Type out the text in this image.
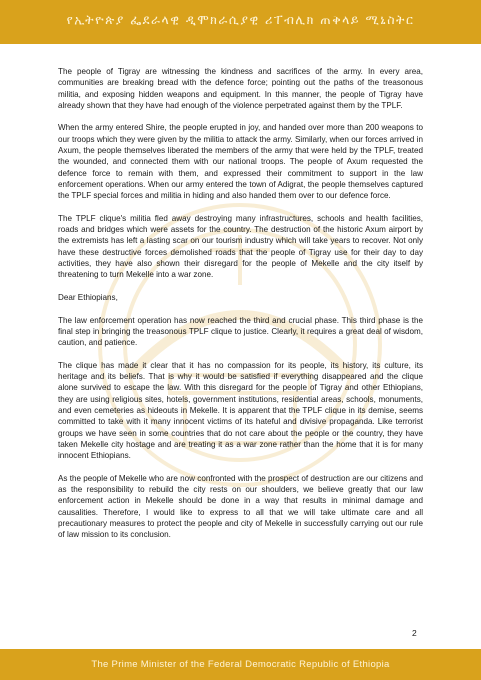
የኢትዮጵያ ፌደራላዊ ዲሞክራሲያዊ ሪፐብሊክ ጠቅላይ ሚኒስትር

The people of Tigray are witnessing the kindness and sacrifices of the army. In every area, communities are breaking bread with the defence force; pointing out the paths of the treasonous militia, and exposing hidden weapons and equipment. In this manner, the people of Tigray have already shown that they have had enough of the violence perpetrated against them by the TPLF.

When the army entered Shire, the people erupted in joy, and handed over more than 200 weapons to our troops which they were given by the militia to attack the army. Similarly, when our forces arrived in Axum, the people themselves liberated the members of the army that were held by the TPLF, treated the wounded, and connected them with our national troops. The people of Axum requested the defence force to remain with them, and expressed their commitment to support in the law enforcement operations. When our army entered the town of Adigrat, the people themselves captured the TPLF special forces and militia in hiding and also handed them over to our defence force.

The TPLF clique's militia fled away destroying many infrastructures, schools and health facilities, roads and bridges which were assets for the country. The destruction of the historic Axum airport by the extremists has left a lasting scar on our tourism industry which will take years to recover. Not only have these destructive forces demolished roads that the people of Tigray use for their day to day activities, they have also shown their disregard for the people of Mekelle and the city itself by threatening to turn Mekelle into a war zone.

Dear Ethiopians,

The law enforcement operation has now reached the third and crucial phase. This third phase is the final step in bringing the treasonous TPLF clique to justice. Clearly, it requires a great deal of wisdom, caution, and patience.

The clique has made it clear that it has no compassion for its people, its history, its culture, its heritage and its beliefs. That is why it would be satisfied if everything disappeared and the clique alone survived to escape the law. With this disregard for the people of Tigray and other Ethiopians, they are using religious sites, hotels, government institutions, residential areas, schools, monuments, and even cemeteries as hideouts in Mekelle. It is apparent that the TPLF clique in its demise, seems committed to take with it many innocent victims of its hateful and divisive propaganda. Like terrorist groups we have seen in some countries that do not care about the people or the country, they have taken Mekelle city hostage and are treating it as a war zone rather than the home that it is for many innocent Ethiopians.

As the people of Mekelle who are now confronted with the prospect of destruction are our citizens and as the responsibility to rebuild the city rests on our shoulders, we believe greatly that our law enforcement action in Mekelle should be done in a way that results in minimal damage and causalities. Therefore, I would like to express to all that we will take ultimate care and all precautionary measures to protect the people and city of Mekelle in successfully carrying out our rule of law mission to its conclusion.

2
The Prime Minister of the Federal Democratic Republic of Ethiopia
